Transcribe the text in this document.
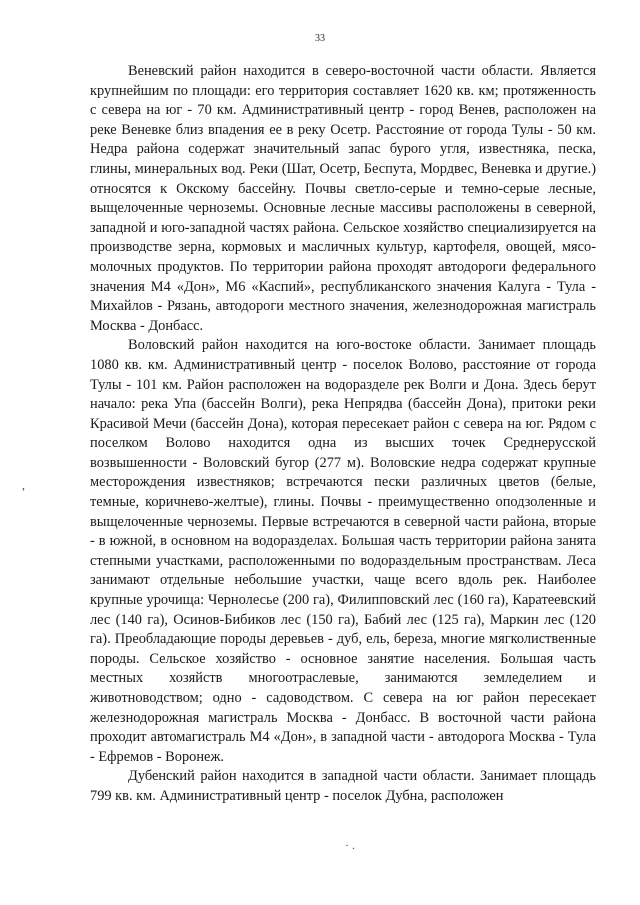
33

Веневский район находится в северо-восточной части области. Является крупнейшим по площади: его территория составляет 1620 кв. км; протяженность с севера на юг - 70 км. Административный центр - город Венев, расположен на реке Веневке близ впадения ее в реку Осетр. Расстояние от города Тулы - 50 км. Недра района содержат значительный запас бурого угля, известняка, песка, глины, минеральных вод. Реки (Шат, Осетр, Беспута, Мордвес, Веневка и другие.) относятся к Окскому бассейну. Почвы светло-серые и темно-серые лесные, выщелоченные черноземы. Основные лесные массивы расположены в северной, западной и юго-западной частях района. Сельское хозяйство специализируется на производстве зерна, кормовых и масличных культур, картофеля, овощей, мясо-молочных продуктов. По территории района проходят автодороги федерального значения М4 «Дон», М6 «Каспий», республиканского значения Калуга - Тула - Михайлов - Рязань, автодороги местного значения, железнодорожная магистраль Москва - Донбасс.

Воловский район находится на юго-востоке области. Занимает площадь 1080 кв. км. Административный центр - поселок Волово, расстояние от города Тулы - 101 км. Район расположен на водоразделе рек Волги и Дона. Здесь берут начало: река Упа (бассейн Волги), река Непрядва (бассейн Дона), притоки реки Красивой Мечи (бассейн Дона), которая пересекает район с севера на юг. Рядом с поселком Волово находится одна из высших точек Среднерусской возвышенности - Воловский бугор (277 м). Воловские недра содержат крупные месторождения известняков; встречаются пески различных цветов (белые, темные, коричнево-желтые), глины. Почвы - преимущественно оподзоленные и выщелоченные черноземы. Первые встречаются в северной части района, вторые - в южной, в основном на водоразделах. Большая часть территории района занята степными участками, расположенными по водораздельным пространствам. Леса занимают отдельные небольшие участки, чаще всего вдоль рек. Наиболее крупные урочища: Чернолесье (200 га), Филипповский лес (160 га), Каратеевский лес (140 га), Осинов-Бибиков лес (150 га), Бабий лес (125 га), Маркин лес (120 га). Преобладающие породы деревьев - дуб, ель, береза, многие мягколиственные породы. Сельское хозяйство - основное занятие населения. Большая часть местных хозяйств многоотраслевые, занимаются земледелием и животноводством; одно - садоводством. С севера на юг район пересекает железнодорожная магистраль Москва - Донбасс. В восточной части района проходит автомагистраль М4 «Дон», в западной части - автодорога Москва - Тула - Ефремов - Воронеж.

Дубенский район находится в западной части области. Занимает площадь 799 кв. км. Административный центр - поселок Дубна, расположен

,
· .
